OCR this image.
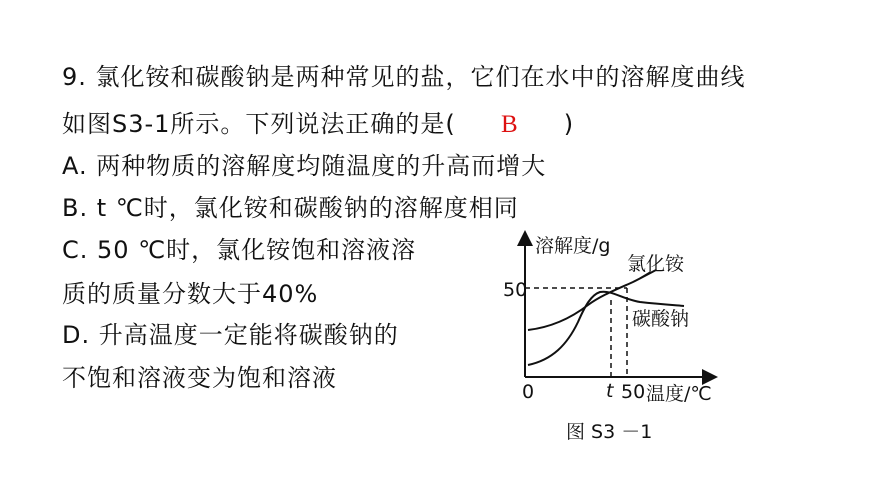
9. 氯化铵和碳酸钠是两种常见的盐，它们在水中的溶解度曲线
如图S3-1所示。下列说法正确的是( B )
A. 两种物质的溶解度均随温度的升高而增大
B. t ℃时，氯化铵和碳酸钠的溶解度相同
C. 50 ℃时，氯化铵饱和溶液溶
质的质量分数大于40%
D. 升高温度一定能将碳酸钠的
不饱和溶液变为饱和溶液
溶解度/g
氯化铵
碳酸钠
50
0	t 50 温度/℃
图 S3 －1
